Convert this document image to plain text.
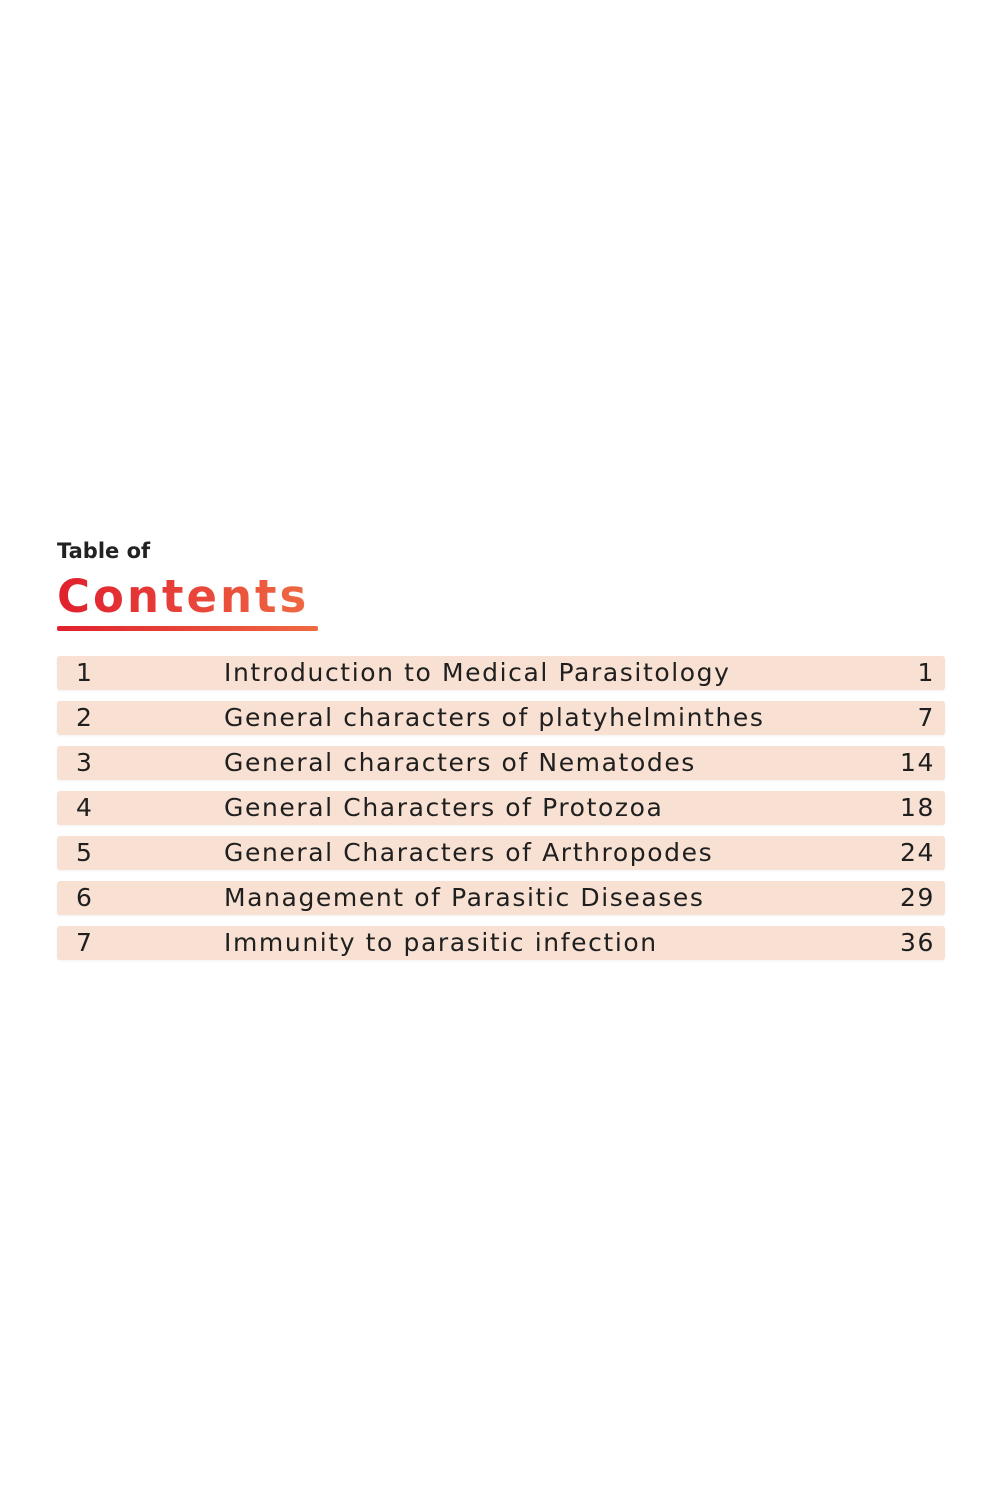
Table of
Contents
1	Introduction to Medical Parasitology	1
2	General characters of platyhelminthes	7
3	General characters of Nematodes	14
4	General Characters of Protozoa	18
5	General Characters of Arthropodes	24
6	Management of Parasitic Diseases	29
7	Immunity to parasitic infection	36
